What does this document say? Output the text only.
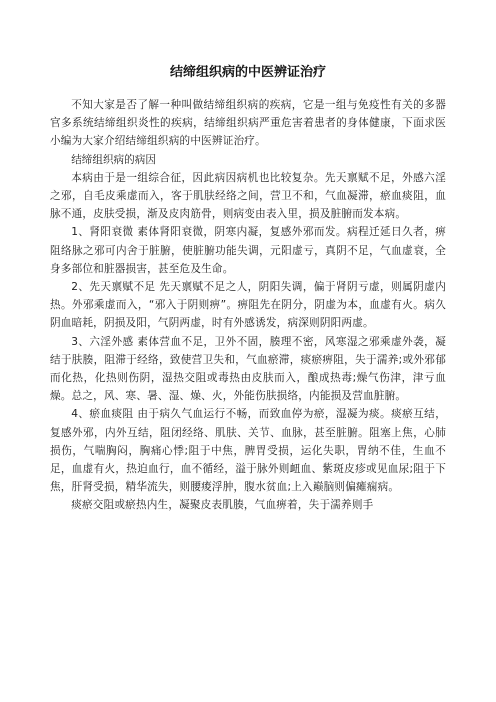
结缔组织病的中医辨证治疗

不知大家是否了解一种叫做结缔组织病的疾病，它是一组与免疫性有关的多器官多系统结缔组织炎性的疾病，结缔组织病严重危害着患者的身体健康，下面求医小编为大家介绍结缔组织病的中医辨证治疗。

结缔组织病的病因

本病由于是一组综合征，因此病因病机也比较复杂。先天禀赋不足，外感六淫之邪，自毛皮乘虚而入，客于肌肤经络之间，营卫不和，气血凝滞，瘀血痰阻，血脉不通，皮肤受损，渐及皮肉筋骨，则病变由表入里，损及脏腑而发本病。

1、肾阳衰微 素体肾阳衰微，阴寒内凝，复感外邪而发。病程迁延日久者，痹阻络脉之邪可内舍于脏腑，使脏腑功能失调，元阳虚亏，真阴不足，气血虚衰，全身多部位和脏器损害，甚至危及生命。

2、先天禀赋不足 先天禀赋不足之人，阴阳失调，偏于肾阴亏虚，则属阴虚内热。外邪乘虚而入，“邪入于阴则痹”。痹阻先在阴分，阴虚为本，血虚有火。病久阴血暗耗，阴损及阳，气阴两虚，时有外感诱发，病深则阴阳两虚。

3、六淫外感 素体营血不足，卫外不固，腠理不密，风寒湿之邪乘虚外袭，凝结于肤腠，阻滞于经络，致使营卫失和，气血瘀滞，痰瘀痹阻，失于濡养;或外邪郁而化热，化热则伤阴，湿热交阻或毒热由皮肤而入，酿成热毒;燥气伤津，津亏血燥。总之，风、寒、暑、湿、燥、火，外能伤肤损络，内能损及营血脏腑。

4、瘀血痰阻 由于病久气血运行不畅，而致血停为瘀，湿凝为痰。痰瘀互结，复感外邪，内外互结，阻闭经络、肌肤、关节、血脉，甚至脏腑。阻塞上焦，心肺损伤，气喘胸闷，胸痛心悸;阻于中焦，脾胃受损，运化失职，胃纳不佳，生血不足，血虚有火，热迫血行，血不循经，溢于脉外则衄血、紫斑皮疹或见血尿;阻于下焦，肝肾受损，精华流失，则腰痠浮肿，腹水贫血;上入巅脑则偏瘫痫病。

痰瘀交阻或瘀热内生，凝聚皮表肌腠，气血痹着，失于濡养则手
